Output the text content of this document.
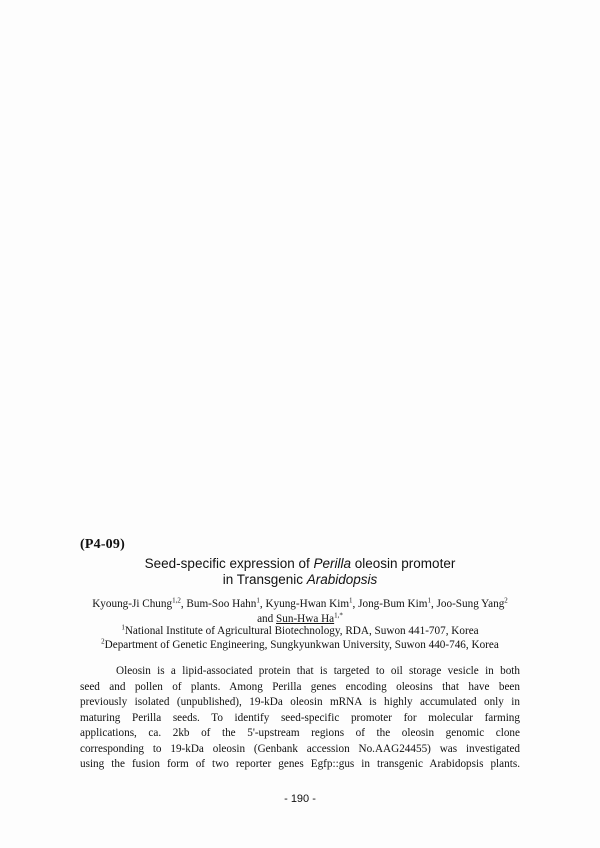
(P4-09)
Seed-specific expression of Perilla oleosin promoter
in Transgenic Arabidopsis
Kyoung-Ji Chung$^{1,2}$, Bum-Soo Hahn$^1$, Kyung-Hwan Kim$^1$, Jong-Bum Kim$^1$, Joo-Sung Yang$^2$
and Sun-Hwa $Ha^{1,*}$
$^1$National Institute of Agricultural Biotechnology, RDA, Suwon 441-707, Korea
$^2$Department of Genetic Engineering, Sungkyunkwan University, Suwon 440-746, Korea
Oleosin is a lipid-associated protein that is targeted to oil storage vesicle in both
seed and pollen of plants. Among Perilla genes encoding oleosins that have been
previously isolated (unpublished), 19-kDa oleosin mRNA is highly accumulated only in
maturing Perilla seeds. To identify seed-specific promoter for molecular farming
applications, ca. 2kb of the 5'-upstream regions of the oleosin genomic clone
corresponding to 19-kDa oleosin (Genbank accession No.AAG24455) was investigated
using the fusion form of two reporter genes Egfp::gus in transgenic Arabidopsis plants.
- 190 -
